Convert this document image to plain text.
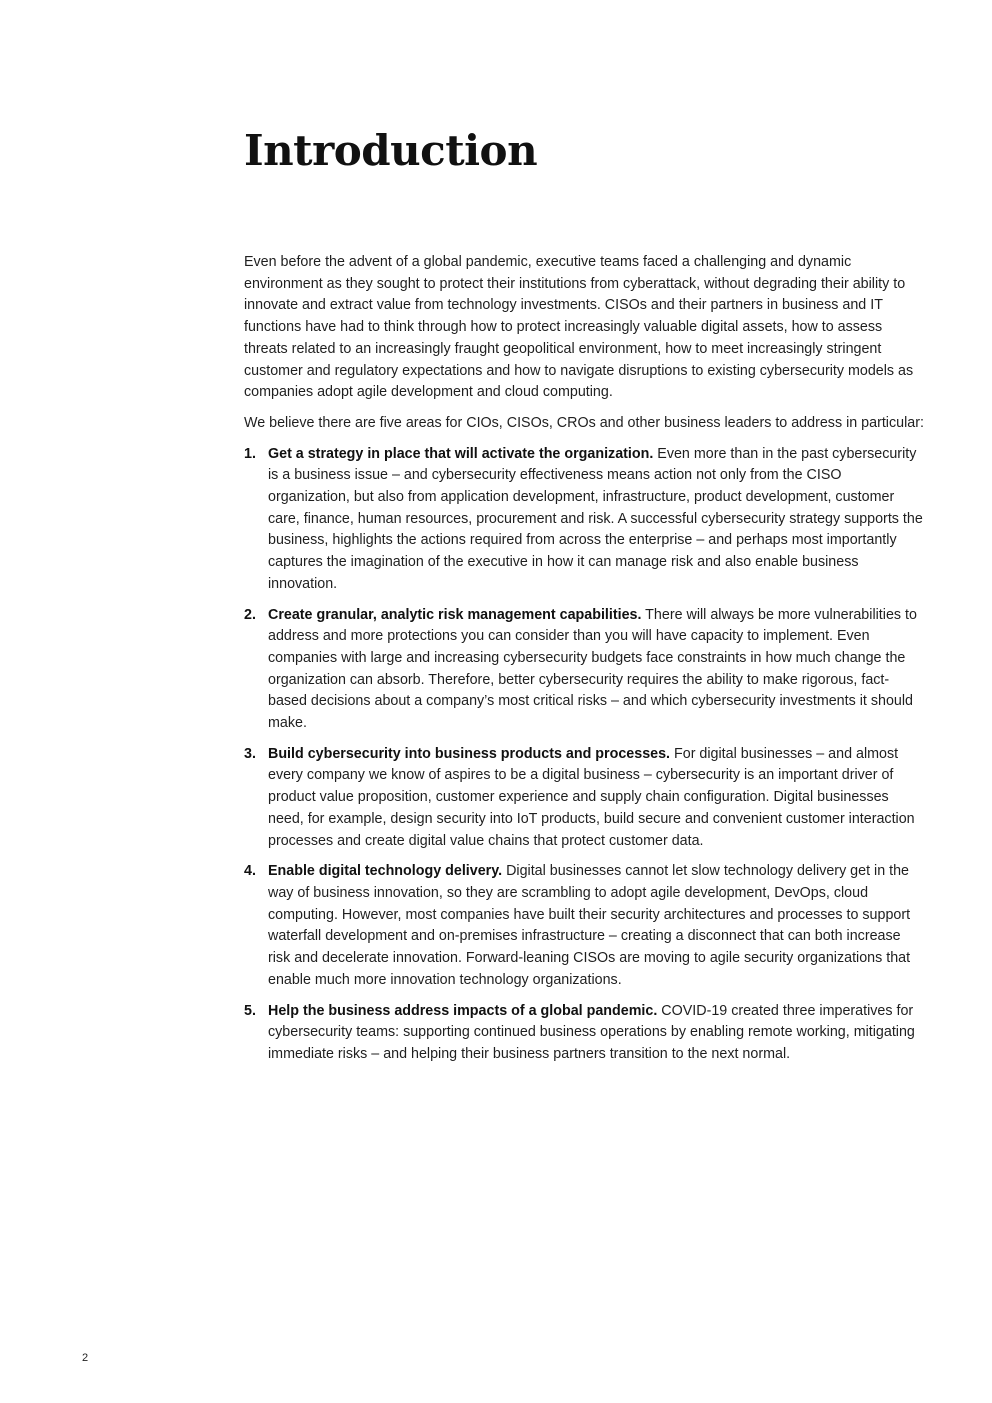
Introduction

Even before the advent of a global pandemic, executive teams faced a challenging and dynamic environment as they sought to protect their institutions from cyberattack, without degrading their ability to innovate and extract value from technology investments. CISOs and their partners in business and IT functions have had to think through how to protect increasingly valuable digital assets, how to assess threats related to an increasingly fraught geopolitical environment, how to meet increasingly stringent customer and regulatory expectations and how to navigate disruptions to existing cybersecurity models as companies adopt agile development and cloud computing.

We believe there are five areas for CIOs, CISOs, CROs and other business leaders to address in particular:

1. Get a strategy in place that will activate the organization. Even more than in the past cybersecurity is a business issue – and cybersecurity effectiveness means action not only from the CISO organization, but also from application development, infrastructure, product development, customer care, finance, human resources, procurement and risk. A successful cybersecurity strategy supports the business, highlights the actions required from across the enterprise – and perhaps most importantly captures the imagination of the executive in how it can manage risk and also enable business innovation.
2. Create granular, analytic risk management capabilities. There will always be more vulnerabilities to address and more protections you can consider than you will have capacity to implement. Even companies with large and increasing cybersecurity budgets face constraints in how much change the organization can absorb. Therefore, better cybersecurity requires the ability to make rigorous, fact-based decisions about a company’s most critical risks – and which cybersecurity investments it should make.
3. Build cybersecurity into business products and processes. For digital businesses – and almost every company we know of aspires to be a digital business – cybersecurity is an important driver of product value proposition, customer experience and supply chain configuration. Digital businesses need, for example, design security into IoT products, build secure and convenient customer interaction processes and create digital value chains that protect customer data.
4. Enable digital technology delivery. Digital businesses cannot let slow technology delivery get in the way of business innovation, so they are scrambling to adopt agile development, DevOps, cloud computing. However, most companies have built their security architectures and processes to support waterfall development and on-premises infrastructure – creating a disconnect that can both increase risk and decelerate innovation. Forward-leaning CISOs are moving to agile security organizations that enable much more innovation technology organizations.
5. Help the business address impacts of a global pandemic. COVID-19 created three imperatives for cybersecurity teams: supporting continued business operations by enabling remote working, mitigating immediate risks – and helping their business partners transition to the next normal.
2
